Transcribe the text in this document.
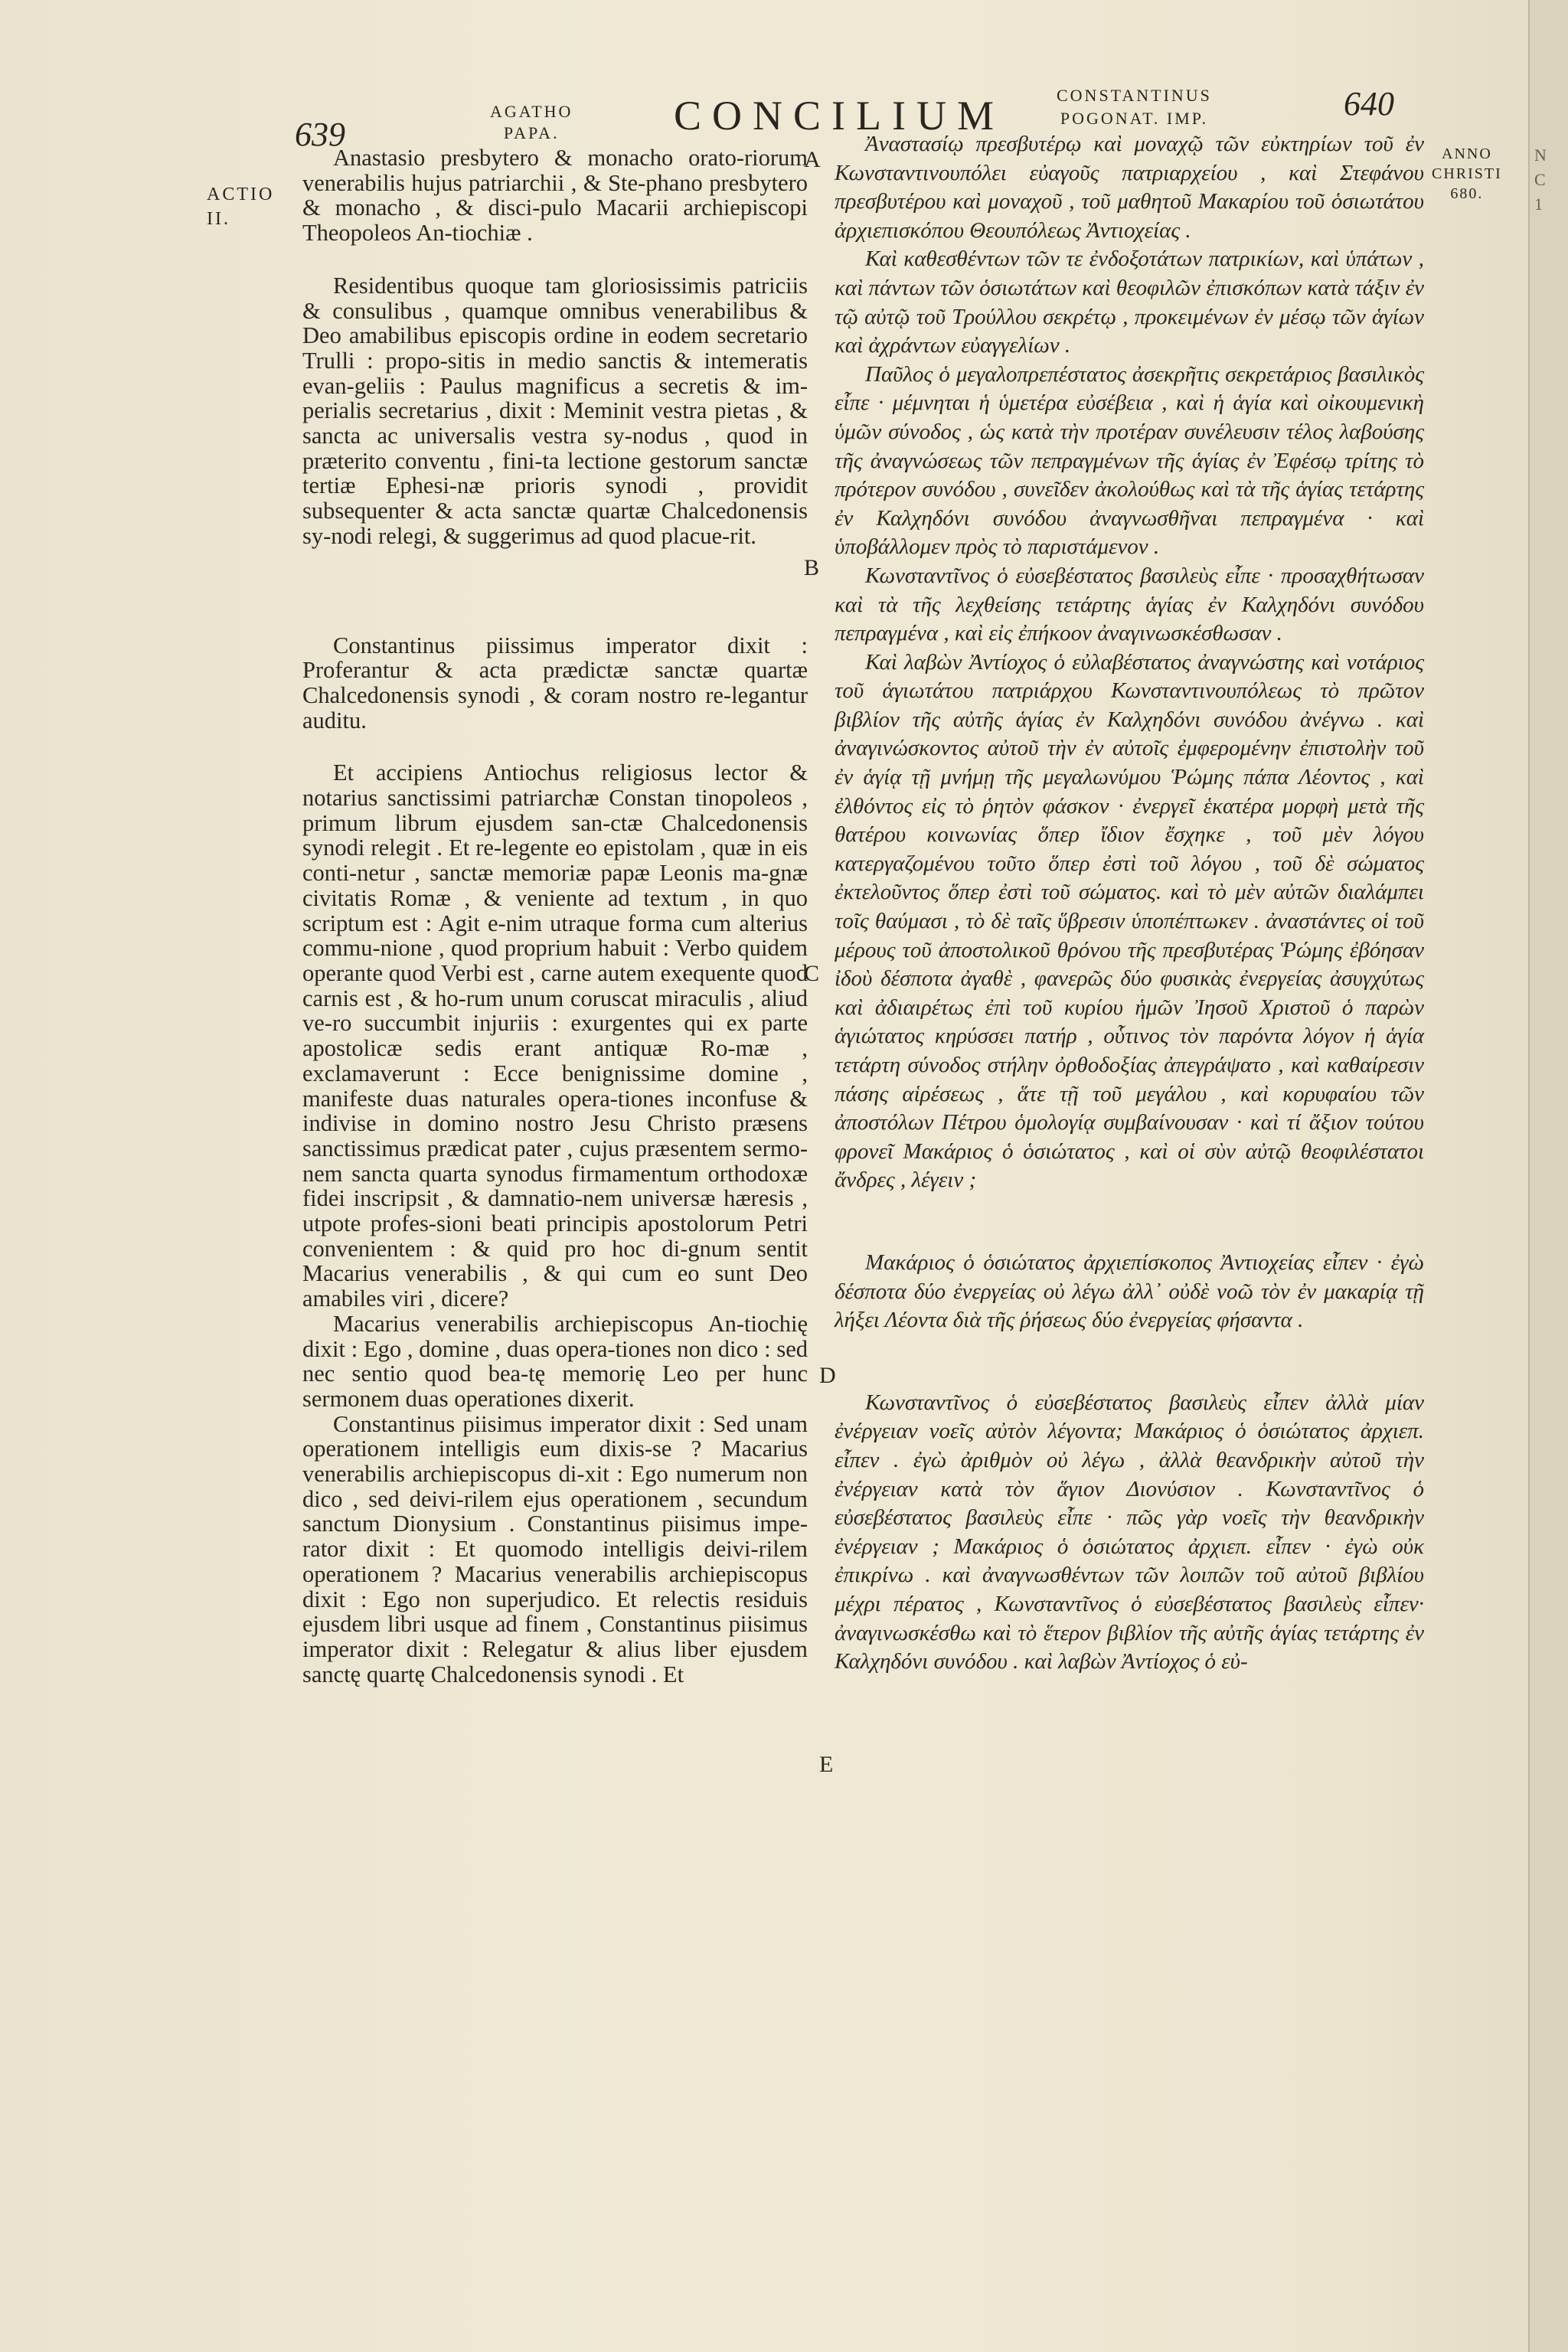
N
C
1
639
AGATHO
PAPA.	CONCILIUM	CONSTANTINUS
POGONAT. IMP.	640
ANNO
CHRISTI
680.
ACTIO
II.
A
B
C
D
E

Anastasio presbytero & monacho orato-riorum venerabilis hujus patriarchii , & Ste-phano presbytero & monacho , & disci-pulo Macarii archiepiscopi Theopoleos An-tiochiæ .

Residentibus quoque tam gloriosissimis patriciis & consulibus , quamque omnibus venerabilibus & Deo amabilibus episcopis ordine in eodem secretario Trulli : propo-sitis in medio sanctis & intemeratis evan-geliis : Paulus magnificus a secretis & im-perialis secretarius , dixit : Meminit vestra pietas , & sancta ac universalis vestra sy-nodus , quod in præterito conventu , fini-ta lectione gestorum sanctæ tertiæ Ephesi-næ prioris synodi , providit subsequenter & acta sanctæ quartæ Chalcedonensis sy-nodi relegi, & suggerimus ad quod placue-rit.

Constantinus piissimus imperator dixit : Proferantur & acta prædictæ sanctæ quartæ Chalcedonensis synodi , & coram nostro re-legantur auditu.

Et accipiens Antiochus religiosus lector & notarius sanctissimi patriarchæ Constan tinopoleos , primum librum ejusdem san-ctæ Chalcedonensis synodi relegit . Et re-legente eo epistolam , quæ in eis conti-netur , sanctæ memoriæ papæ Leonis ma-gnæ civitatis Romæ , & veniente ad textum , in quo scriptum est : Agit e-nim utraque forma cum alterius commu-nione , quod proprium habuit : Verbo quidem operante quod Verbi est , carne autem exequente quod carnis est , & ho-rum unum coruscat miraculis , aliud ve-ro succumbit injuriis : exurgentes qui ex parte apostolicæ sedis erant antiquæ Ro-mæ , exclamaverunt : Ecce benignissime domine , manifeste duas naturales opera-tiones inconfuse & indivise in domino nostro Jesu Christo præsens sanctissimus prædicat pater , cujus præsentem sermo-nem sancta quarta synodus firmamentum orthodoxæ fidei inscripsit , & damnatio-nem universæ hæresis , utpote profes-sioni beati principis apostolorum Petri convenientem : & quid pro hoc di-gnum sentit Macarius venerabilis , & qui cum eo sunt Deo amabiles viri , dicere?

Macarius venerabilis archiepiscopus An-tiochię dixit : Ego , domine , duas opera-tiones non dico : sed nec sentio quod bea-tę memorię Leo per hunc sermonem duas operationes dixerit.

Constantinus piisimus imperator dixit : Sed unam operationem intelligis eum dixis-se ? Macarius venerabilis archiepiscopus di-xit : Ego numerum non dico , sed deivi-rilem ejus operationem , secundum sanctum Dionysium . Constantinus piisimus impe-rator dixit : Et quomodo intelligis deivi-rilem operationem ? Macarius venerabilis archiepiscopus dixit : Ego non superjudico. Et relectis residuis ejusdem libri usque ad finem , Constantinus piisimus imperator dixit : Relegatur & alius liber ejusdem sanctę quartę Chalcedonensis synodi . Et

Ἀναστασίῳ πρεσβυτέρῳ καὶ μοναχῷ τῶν εὐκτηρίων τοῦ ἐν Κωνσταντινουπόλει εὐαγοῦς πατριαρχείου , καὶ Στεφάνου πρεσβυτέρου καὶ μοναχοῦ , τοῦ μαθητοῦ Μακαρίου τοῦ ὁσιωτάτου ἀρχιεπισκόπου Θεουπόλεως Ἀντιοχείας .

Καὶ καθεσθέντων τῶν τε ἐνδοξοτάτων πατρικίων, καὶ ὑπάτων , καὶ πάντων τῶν ὁσιωτάτων καὶ θεοφιλῶν ἐπισκόπων κατὰ τάξιν ἐν τῷ αὐτῷ τοῦ Τρούλλου σεκρέτῳ , προκειμένων ἐν μέσῳ τῶν ἁγίων καὶ ἀχράντων εὐαγγελίων .

Παῦλος ὁ μεγαλοπρεπέστατος ἀσεκρῆτις σεκρετάριος βασιλικὸς εἶπε · μέμνηται ἡ ὑμετέρα εὐσέβεια , καὶ ἡ ἁγία καὶ οἰκουμενικὴ ὑμῶν σύνοδος , ὡς κατὰ τὴν προτέραν συνέλευσιν τέλος λαβούσης τῆς ἀναγνώσεως τῶν πεπραγμένων τῆς ἁγίας ἐν Ἐφέσῳ τρίτης τὸ πρότερον συνόδου , συνεῖδεν ἀκολούθως καὶ τὰ τῆς ἁγίας τετάρτης ἐν Καλχηδόνι συνόδου ἀναγνωσθῆναι πεπραγμένα · καὶ ὑποβάλλομεν πρὸς τὸ παριστάμενον .

Κωνσταντῖνος ὁ εὐσεβέστατος βασιλεὺς εἶπε · προσαχθήτωσαν καὶ τὰ τῆς λεχθείσης τετάρτης ἁγίας ἐν Καλχηδόνι συνόδου πεπραγμένα , καὶ εἰς ἐπήκοον ἀναγινωσκέσθωσαν .

Καὶ λαβὼν Ἀντίοχος ὁ εὐλαβέστατος ἀναγνώστης καὶ νοτάριος τοῦ ἁγιωτάτου πατριάρχου Κωνσταντινουπόλεως τὸ πρῶτον βιβλίον τῆς αὐτῆς ἁγίας ἐν Καλχηδόνι συνόδου ἀνέγνω . καὶ ἀναγινώσκοντος αὐτοῦ τὴν ἐν αὐτοῖς ἐμφερομένην ἐπιστολὴν τοῦ ἐν ἁγίᾳ τῇ μνήμῃ τῆς μεγαλωνύμου Ῥώμης πάπα Λέοντος , καὶ ἐλθόντος εἰς τὸ ῥητὸν φάσκον · ἐνεργεῖ ἑκατέρα μορφὴ μετὰ τῆς θατέρου κοινωνίας ὅπερ ἴδιον ἔσχηκε , τοῦ μὲν λόγου κατεργαζομένου τοῦτο ὅπερ ἐστὶ τοῦ λόγου , τοῦ δὲ σώματος ἐκτελοῦντος ὅπερ ἐστὶ τοῦ σώματος. καὶ τὸ μὲν αὐτῶν διαλάμπει τοῖς θαύμασι , τὸ δὲ ταῖς ὕβρεσιν ὑποπέπτωκεν . ἀναστάντες οἱ τοῦ μέρους τοῦ ἀποστολικοῦ θρόνου τῆς πρεσβυτέρας Ῥώμης ἐβόησαν ἰδοὺ δέσποτα ἀγαθὲ , φανερῶς δύο φυσικὰς ἐνεργείας ἀσυγχύτως καὶ ἀδιαιρέτως ἐπὶ τοῦ κυρίου ἡμῶν Ἰησοῦ Χριστοῦ ὁ παρὼν ἁγιώτατος κηρύσσει πατήρ , οὗτινος τὸν παρόντα λόγον ἡ ἁγία τετάρτη σύνοδος στήλην ὀρθοδοξίας ἀπεγράψατο , καὶ καθαίρεσιν πάσης αἱρέσεως , ἅτε τῇ τοῦ μεγάλου , καὶ κορυφαίου τῶν ἀποστόλων Πέτρου ὁμολογίᾳ συμβαίνουσαν · καὶ τί ἄξιον τούτου φρονεῖ Μακάριος ὁ ὁσιώτατος , καὶ οἱ σὺν αὐτῷ θεοφιλέστατοι ἄνδρες , λέγειν ;

Μακάριος ὁ ὁσιώτατος ἀρχιεπίσκοπος Ἀντιοχείας εἶπεν · ἐγὼ δέσποτα δύο ἐνεργείας οὐ λέγω ἀλλ᾽ οὐδὲ νοῶ τὸν ἐν μακαρίᾳ τῇ λήξει Λέοντα διὰ τῆς ῥήσεως δύο ἐνεργείας φήσαντα .

Κωνσταντῖνος ὁ εὐσεβέστατος βασιλεὺς εἶπεν ἀλλὰ μίαν ἐνέργειαν νοεῖς αὐτὸν λέγοντα; Μακάριος ὁ ὁσιώτατος ἀρχιεπ. εἶπεν . ἐγὼ ἀριθμὸν οὐ λέγω , ἀλλὰ θεανδρικὴν αὐτοῦ τὴν ἐνέργειαν κατὰ τὸν ἅγιον Διονύσιον . Κωνσταντῖνος ὁ εὐσεβέστατος βασιλεὺς εἶπε · πῶς γὰρ νοεῖς τὴν θεανδρικὴν ἐνέργειαν ; Μακάριος ὁ ὁσιώτατος ἀρχιεπ. εἶπεν · ἐγὼ οὐκ ἐπικρίνω . καὶ ἀναγνωσθέντων τῶν λοιπῶν τοῦ αὐτοῦ βιβλίου μέχρι πέρατος , Κωνσταντῖνος ὁ εὐσεβέστατος βασιλεὺς εἶπεν· ἀναγινωσκέσθω καὶ τὸ ἕτερον βιβλίον τῆς αὐτῆς ἁγίας τετάρτης ἐν Καλχηδόνι συνόδου . καὶ λαβὼν Ἀντίοχος ὁ εὐ-
